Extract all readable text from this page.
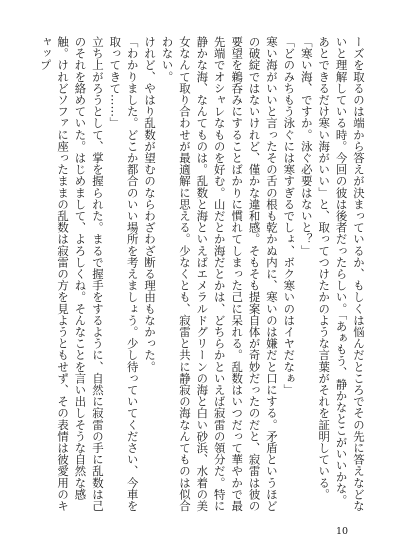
ーズを取るのは端から答えが決まっているか、もしくは悩んだところでその先に答えなどないと理解している時。今回の彼は後者だったらしい。「あぁもう、静かなとこがいいかな。あとできるだけ寒い海がいい」と、取ってつけたかのような言葉がそれを証明している。

「寒い海、ですか。泳ぐ必要はないと？」

「どのみちもう泳ぐには寒すぎるでしょ、ボク寒いのはイヤだなぁ」

寒い海がいいと言ったその舌の根も乾かぬ内に、寒いのは嫌だと口にする。矛盾というほどの破綻ではないけれど、僅かな違和感。そもそも提案自体が奇妙だったのだと、寂雷は彼の要望を鵜呑みにすることばかりに慣れてしまった己に呆れる。乱数はいつだって華やかで最先端でオシャレなものを好む。山だとか海だとかは、どちらかといえば寂雷の領分だ。特に静かな海、なんてものは。乱数と海といえばエメラルドグリーンの海と白い砂浜、水着の美女なんて取り合わせが最適解に思える。少なくとも、寂雷と共に静寂の海なんてものは似合わない。

けれど、やはり乱数が望むのならわざわざ断る理由もなかった。

「わかりました。どこか都合のいい場所を考えましょう。少し待っていてください、今車を取ってきて……」

立ち上がろうとして、掌を握られた。まるで握手をするように、自然に寂雷の手に乱数は己のそれを絡めていた。はじめまして、よろしくね。そんなことを言い出しそうな自然な感触。けれどソファに座ったままの乱数は寂雷の方を見ようともせず、その表情は彼愛用のキャップ

10
